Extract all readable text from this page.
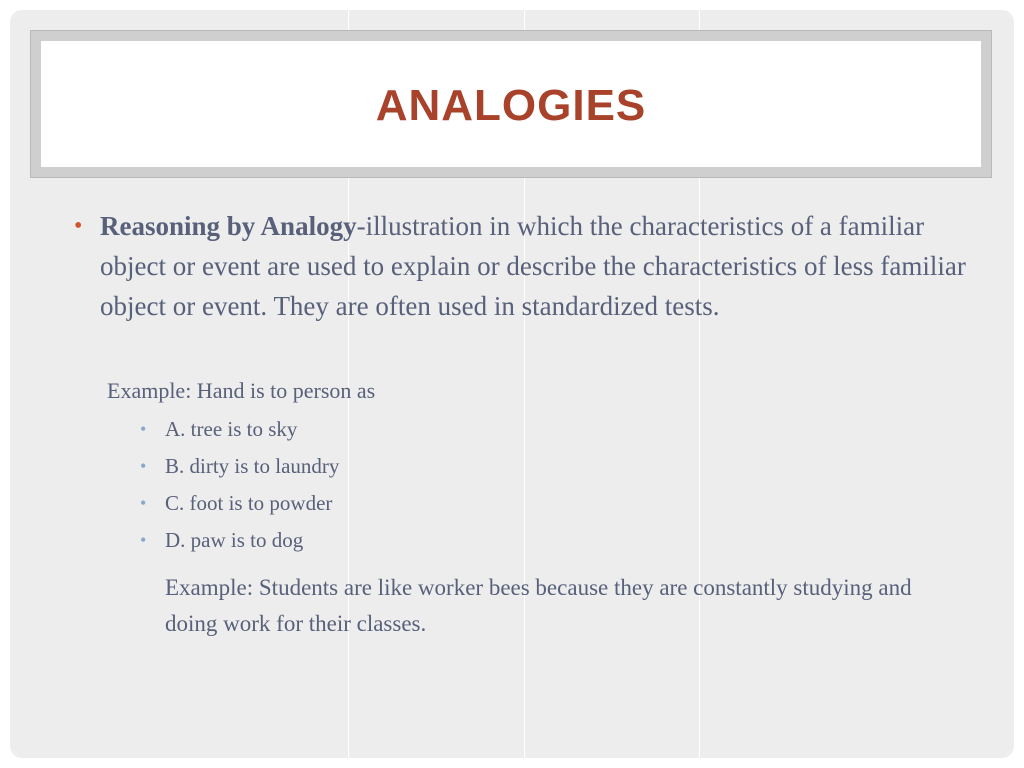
ANALOGIES
• Reasoning by Analogy-illustration in which the characteristics of a familiar object or event are used to explain or describe the characteristics of less familiar object or event. They are often used in standardized tests.
Example: Hand is to person as
• A. tree is to sky
• B. dirty is to laundry
• C. foot is to powder
• D. paw is to dog
Example: Students are like worker bees because they are constantly studying and doing work for their classes.
